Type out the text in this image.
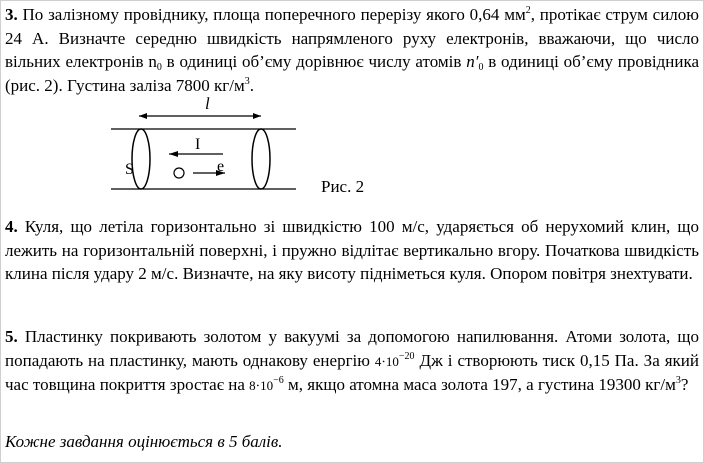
3. По залізному провіднику, площа поперечного перерізу якого 0,64 $мм^2$, протікає струм силою 24 А. Визначте середню швидкість напрямленого руху електронів, вважаючи, що число вільних електронів $n_0$ в одиниці об’єму дорівнює числу атомів $n'_0$ в одиниці об’єму провідника (рис. 2). Густина заліза 7800 $кг/м^3$.
l
S
I
e
Рис. 2
4. Куля, що летіла горизонтально зі швидкістю 100 м/с, ударяється об нерухомий клин, що лежить на горизонтальній поверхні, і пружно відлітає вертикально вгору. Початкова швидкість клина після удару 2 м/с. Визначте, на яку висоту підніметься куля. Опором повітря знехтувати.
5. Пластинку покривають золотом у вакуумі за допомогою напилювання. Атоми золота, що попадають на пластинку, мають однакову енергію $4\cdot 10^{-20}$ Дж і створюють тиск 0,15 Па. За який час товщина покриття зростає на $8\cdot 10^{-6}$ м, якщо атомна маса золота 197, а густина 19300 $кг/м^3$?
Кожне завдання оцінюється в 5 балів.
